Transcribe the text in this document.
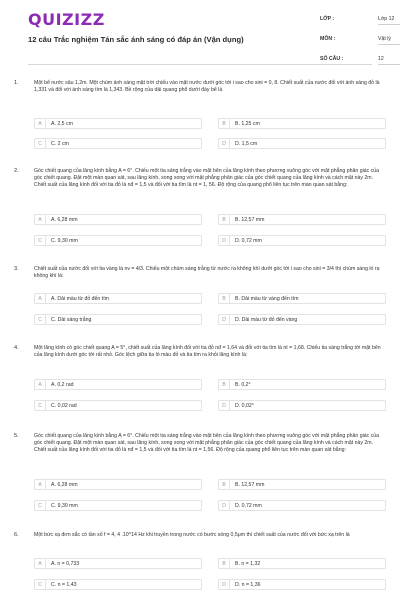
QUIZIZZ
12 câu Trắc nghiệm Tán sắc ánh sáng có đáp án (Vận dụng)
LỚP :	Lớp 12
MÔN :	Vật lý
SỐ CÂU :	12
1.	Một bể nước sâu 1,2m. Một chùm ánh sáng mặt trời chiếu vào mặt nước dưới góc tới i sao cho sini = 0, 8. Chiết suất của nước đối với ánh sáng đỏ là 1,331 và đối với ánh sáng tím là 1,343. Bề rộng của dải quang phổ dưới đáy bể là
A	A. 2,5 cm	B	B. 1,25 cm
C	C. 2 cm	D	D. 1,5 cm
2.	Góc chiết quang của lăng kính bằng A = 6°. Chiếu một tia sáng trắng vào mặt bên của lăng kính theo phương vuông góc với mặt phẳng phân giác của góc chiết quang. Đặt một màn quan sát, sau lăng kính, song song với mặt phẳng phân giác của góc chiết quang của lăng kính và cách mặt này 2m. Chiết suất của lăng kính đối với tia đỏ là nđ = 1,5 và đối với tia tím là nt = 1, 56. Độ rộng của quang phổ liên tục trên màn quan sát bằng:
A	A. 6,28 mm	B	B. 12,57 mm
C	C. 9,30 mm	D	D. 0,72 mm
3.	Chiết suất của nước đối với tia vàng là nv = 4/3. Chiếu một chùm sáng trắng từ nước ra không khí dưới góc tới i sao cho sini = 3/4 thì chùm sáng ló ra không khí là:
A	A. Dải màu từ đỏ đến tím	B	B. Dải màu từ vàng đến tím
C	C. Dải sáng trắng	D	D. Dải màu từ đỏ đến vàng
4.	Một lăng kính có góc chiết quang A = 5°, chiết suất của lăng kính đối với tia đỏ nđ = 1,64 và đối với tia tím là nt = 1,68. Chiếu tia sáng trắng tới mặt bên của lăng kính dưới góc tới rất nhỏ. Góc lệch giữa tia ló màu đỏ và tia tím ra khỏi lăng kính là:
A	A. 0,2 rad	B	B. 0,2°
C	C. 0,02 rad	D	D. 0,02°
5.	Góc chiết quang của lăng kính bằng A = 6°. Chiếu một tia sáng trắng vào mặt bên của lăng kính theo phương vuông góc với mặt phẳng phân giác của góc chiết quang. Đặt một màn quan sát, sau lăng kính, song song với mặt phẳng phân giác của góc chiết quang của lăng kính và cách mặt này 2m. Chiết suất của lăng kính đối với tia đỏ là nđ = 1,5 và đối với tia tím là nt = 1,56. Độ rộng của quang phổ liên tục trên màn quan sát bằng:
A	A. 6,28 mm	B	B. 12,57 mm
C	C. 9,30 mm	D	D. 0,72 mm
6.	Một bức xạ đơn sắc có tần số f = 4, 4 .10^14 Hz khi truyền trong nước có bước sóng 0,5μm thì chiết suất của nước đối với bức xạ trên là
A	A. n = 0,733	B	B. n = 1,32
C	C. n = 1,43	D	D. n = 1,36
